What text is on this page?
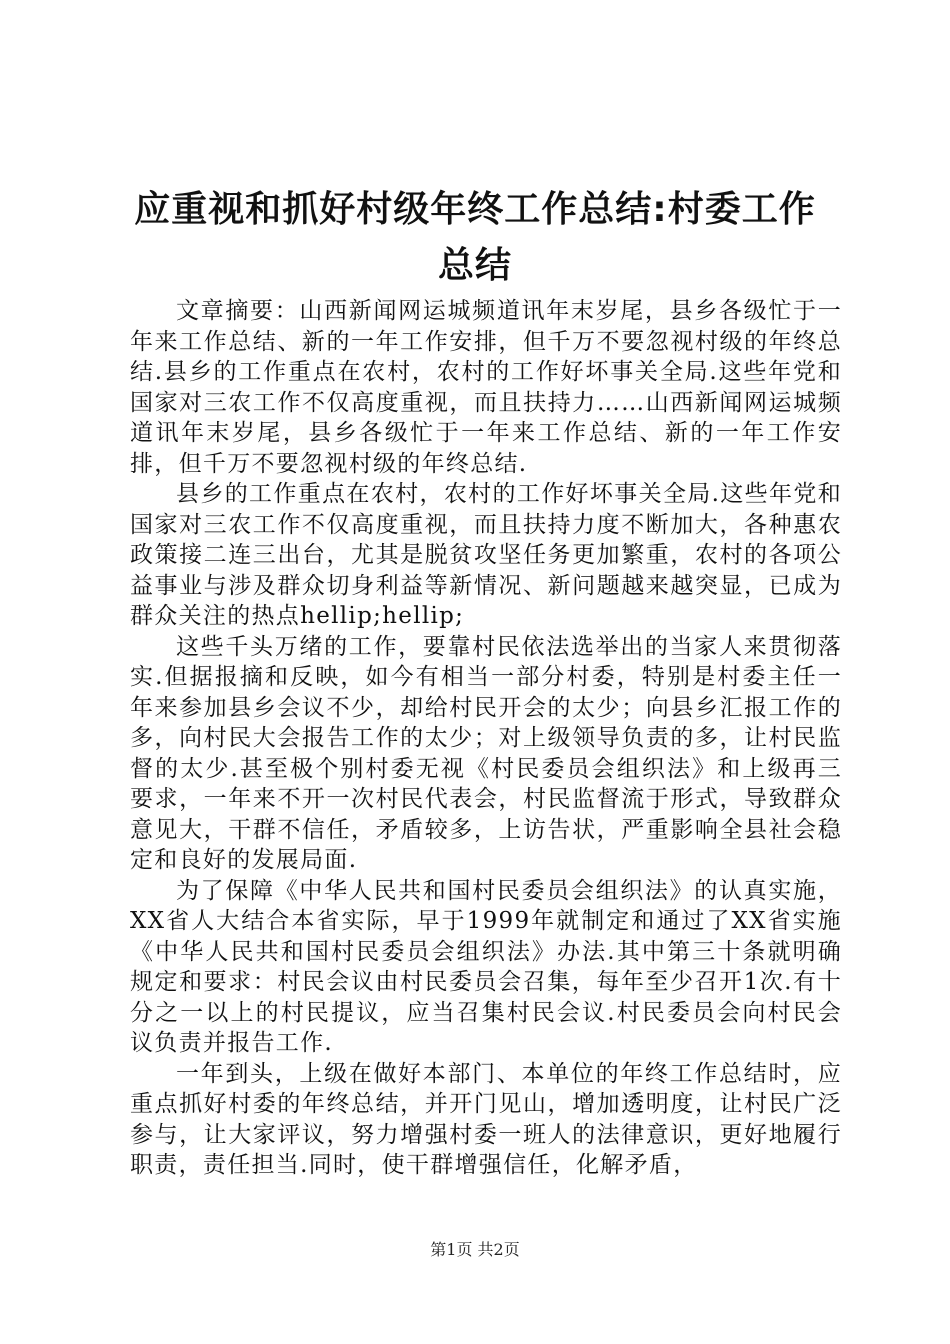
应重视和抓好村级年终工作总结:村委工作总结

文章摘要：山西新闻网运城频道讯年末岁尾，县乡各级忙于一年来工作总结、新的一年工作安排，但千万不要忽视村级的年终总结.县乡的工作重点在农村，农村的工作好坏事关全局.这些年党和国家对三农工作不仅高度重视，而且扶持力……山西新闻网运城频道讯年末岁尾，县乡各级忙于一年来工作总结、新的一年工作安排，但千万不要忽视村级的年终总结.

县乡的工作重点在农村，农村的工作好坏事关全局.这些年党和国家对三农工作不仅高度重视，而且扶持力度不断加大，各种惠农政策接二连三出台，尤其是脱贫攻坚任务更加繁重，农村的各项公益事业与涉及群众切身利益等新情况、新问题越来越突显，已成为群众关注的热点hellip;hellip;

这些千头万绪的工作，要靠村民依法选举出的当家人来贯彻落实.但据报摘和反映，如今有相当一部分村委，特别是村委主任一年来参加县乡会议不少，却给村民开会的太少；向县乡汇报工作的多，向村民大会报告工作的太少；对上级领导负责的多，让村民监督的太少.甚至极个别村委无视《村民委员会组织法》和上级再三要求，一年来不开一次村民代表会，村民监督流于形式，导致群众意见大，干群不信任，矛盾较多，上访告状，严重影响全县社会稳定和良好的发展局面.

为了保障《中华人民共和国村民委员会组织法》的认真实施，XX省人大结合本省实际，早于1999年就制定和通过了XX省实施《中华人民共和国村民委员会组织法》办法.其中第三十条就明确规定和要求：村民会议由村民委员会召集，每年至少召开1次.有十分之一以上的村民提议，应当召集村民会议.村民委员会向村民会议负责并报告工作.

一年到头，上级在做好本部门、本单位的年终工作总结时，应重点抓好村委的年终总结，并开门见山，增加透明度，让村民广泛参与，让大家评议，努力增强村委一班人的法律意识，更好地履行职责，责任担当.同时，使干群增强信任，化解矛盾，

第1页 共2页
